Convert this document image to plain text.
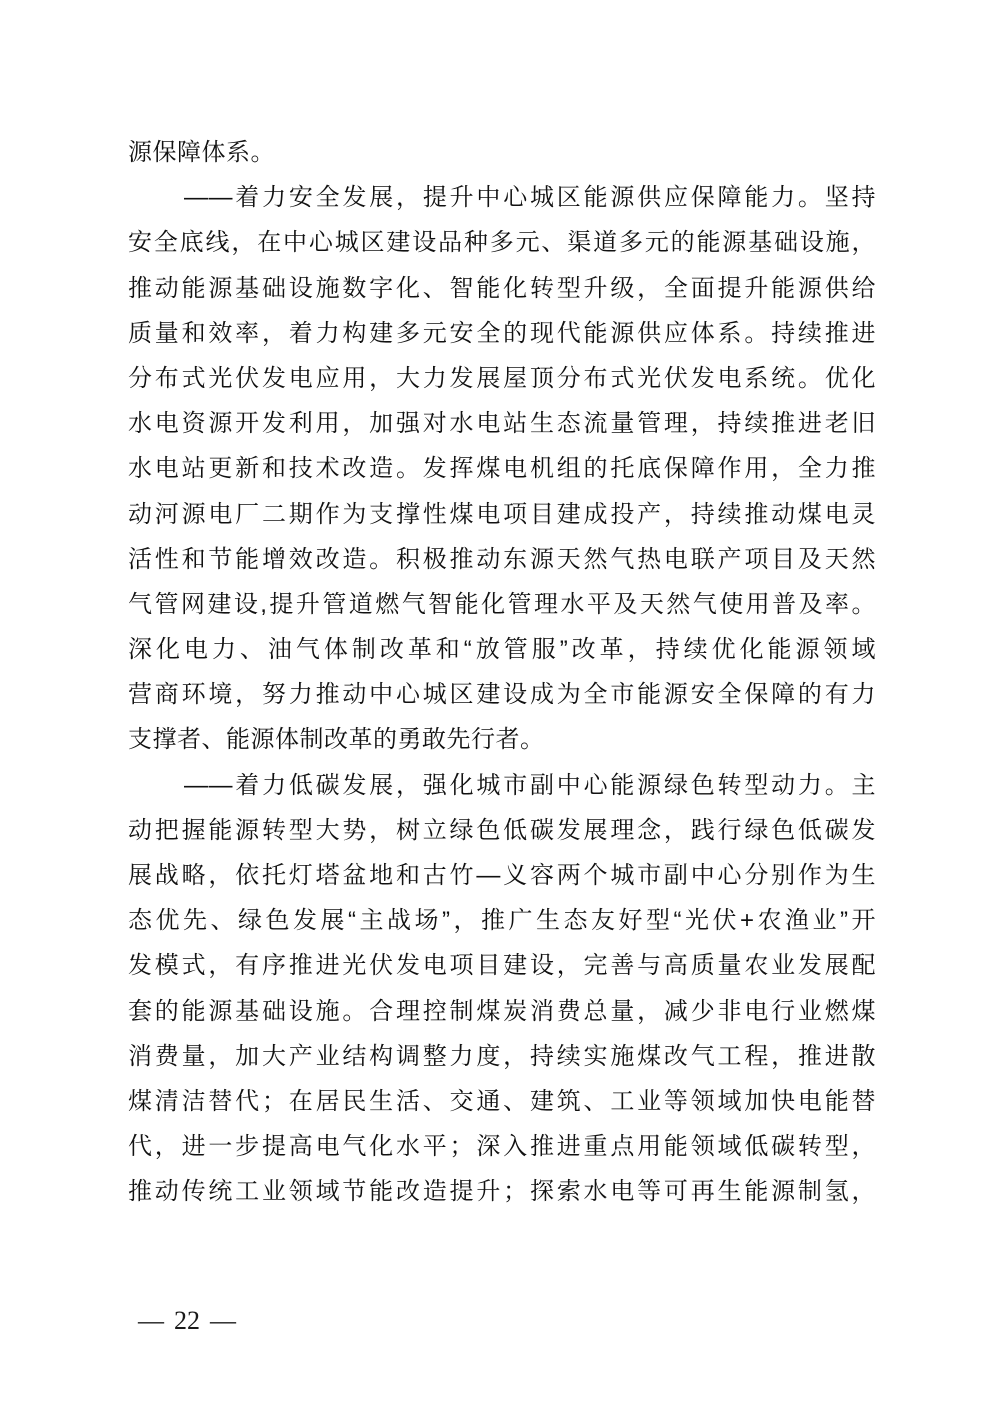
源保障体系。
——着力安全发展，提升中心城区能源供应保障能力。坚持
安全底线，在中心城区建设品种多元、渠道多元的能源基础设施，
推动能源基础设施数字化、智能化转型升级，全面提升能源供给
质量和效率，着力构建多元安全的现代能源供应体系。持续推进
分布式光伏发电应用，大力发展屋顶分布式光伏发电系统。优化
水电资源开发利用，加强对水电站生态流量管理，持续推进老旧
水电站更新和技术改造。发挥煤电机组的托底保障作用，全力推
动河源电厂二期作为支撑性煤电项目建成投产，持续推动煤电灵
活性和节能增效改造。积极推动东源天然气热电联产项目及天然
气管网建设,提升管道燃气智能化管理水平及天然气使用普及率。
深化电力、油气体制改革和“放管服”改革，持续优化能源领域
营商环境，努力推动中心城区建设成为全市能源安全保障的有力
支撑者、能源体制改革的勇敢先行者。
——着力低碳发展，强化城市副中心能源绿色转型动力。主
动把握能源转型大势，树立绿色低碳发展理念，践行绿色低碳发
展战略，依托灯塔盆地和古竹—义容两个城市副中心分别作为生
态优先、绿色发展“主战场”，推广生态友好型“光伏+农渔业”开
发模式，有序推进光伏发电项目建设，完善与高质量农业发展配
套的能源基础设施。合理控制煤炭消费总量，减少非电行业燃煤
消费量，加大产业结构调整力度，持续实施煤改气工程，推进散
煤清洁替代；在居民生活、交通、建筑、工业等领域加快电能替
代，进一步提高电气化水平；深入推进重点用能领域低碳转型，
推动传统工业领域节能改造提升；探索水电等可再生能源制氢，
— 22 —
